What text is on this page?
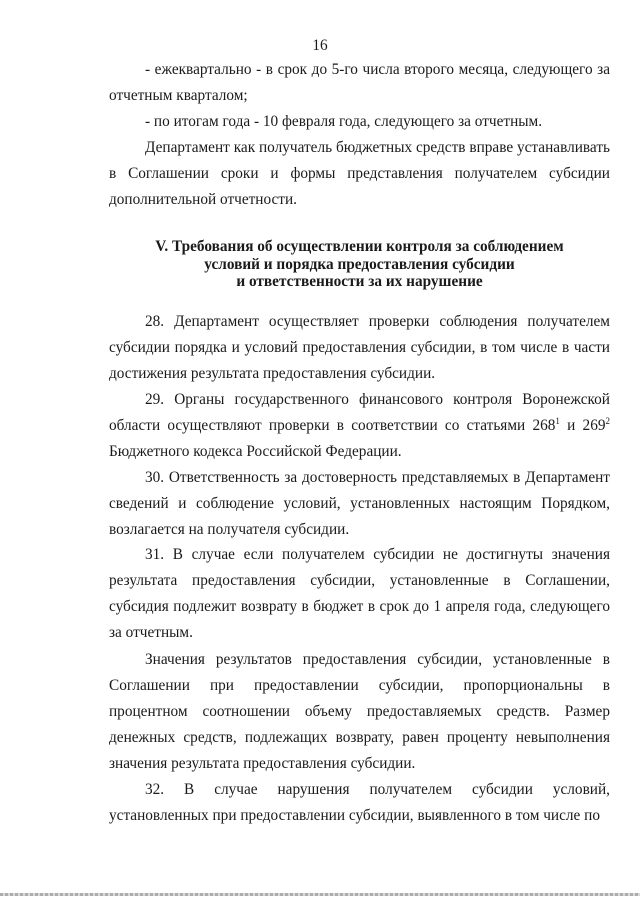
16

- ежеквартально - в срок до 5-го числа второго месяца, следующего за отчетным кварталом;

- по итогам года - 10 февраля года, следующего за отчетным.

Департамент как получатель бюджетных средств вправе устанавливать в Соглашении сроки и формы представления получателем субсидии дополнительной отчетности.

V. Требования об осуществлении контроля за соблюдением
условий и порядка предоставления субсидии
и ответственности за их нарушение

28. Департамент осуществляет проверки соблюдения получателем субсидии порядка и условий предоставления субсидии, в том числе в части достижения результата предоставления субсидии.

29. Органы государственного финансового контроля Воронежской области осуществляют проверки в соответствии со статьями $268^1$ и $269^2$ Бюджетного кодекса Российской Федерации.

30. Ответственность за достоверность представляемых в Департамент сведений и соблюдение условий, установленных настоящим Порядком, возлагается на получателя субсидии.

31. В случае если получателем субсидии не достигнуты значения результата предоставления субсидии, установленные в Соглашении, субсидия подлежит возврату в бюджет в срок до 1 апреля года, следующего за отчетным.

Значения результатов предоставления субсидии, установленные в Соглашении при предоставлении субсидии, пропорциональны в процентном соотношении объему предоставляемых средств. Размер денежных средств, подлежащих возврату, равен проценту невыполнения значения результата предоставления субсидии.

32. В случае нарушения получателем субсидии условий, установленных при предоставлении субсидии, выявленного в том числе по
